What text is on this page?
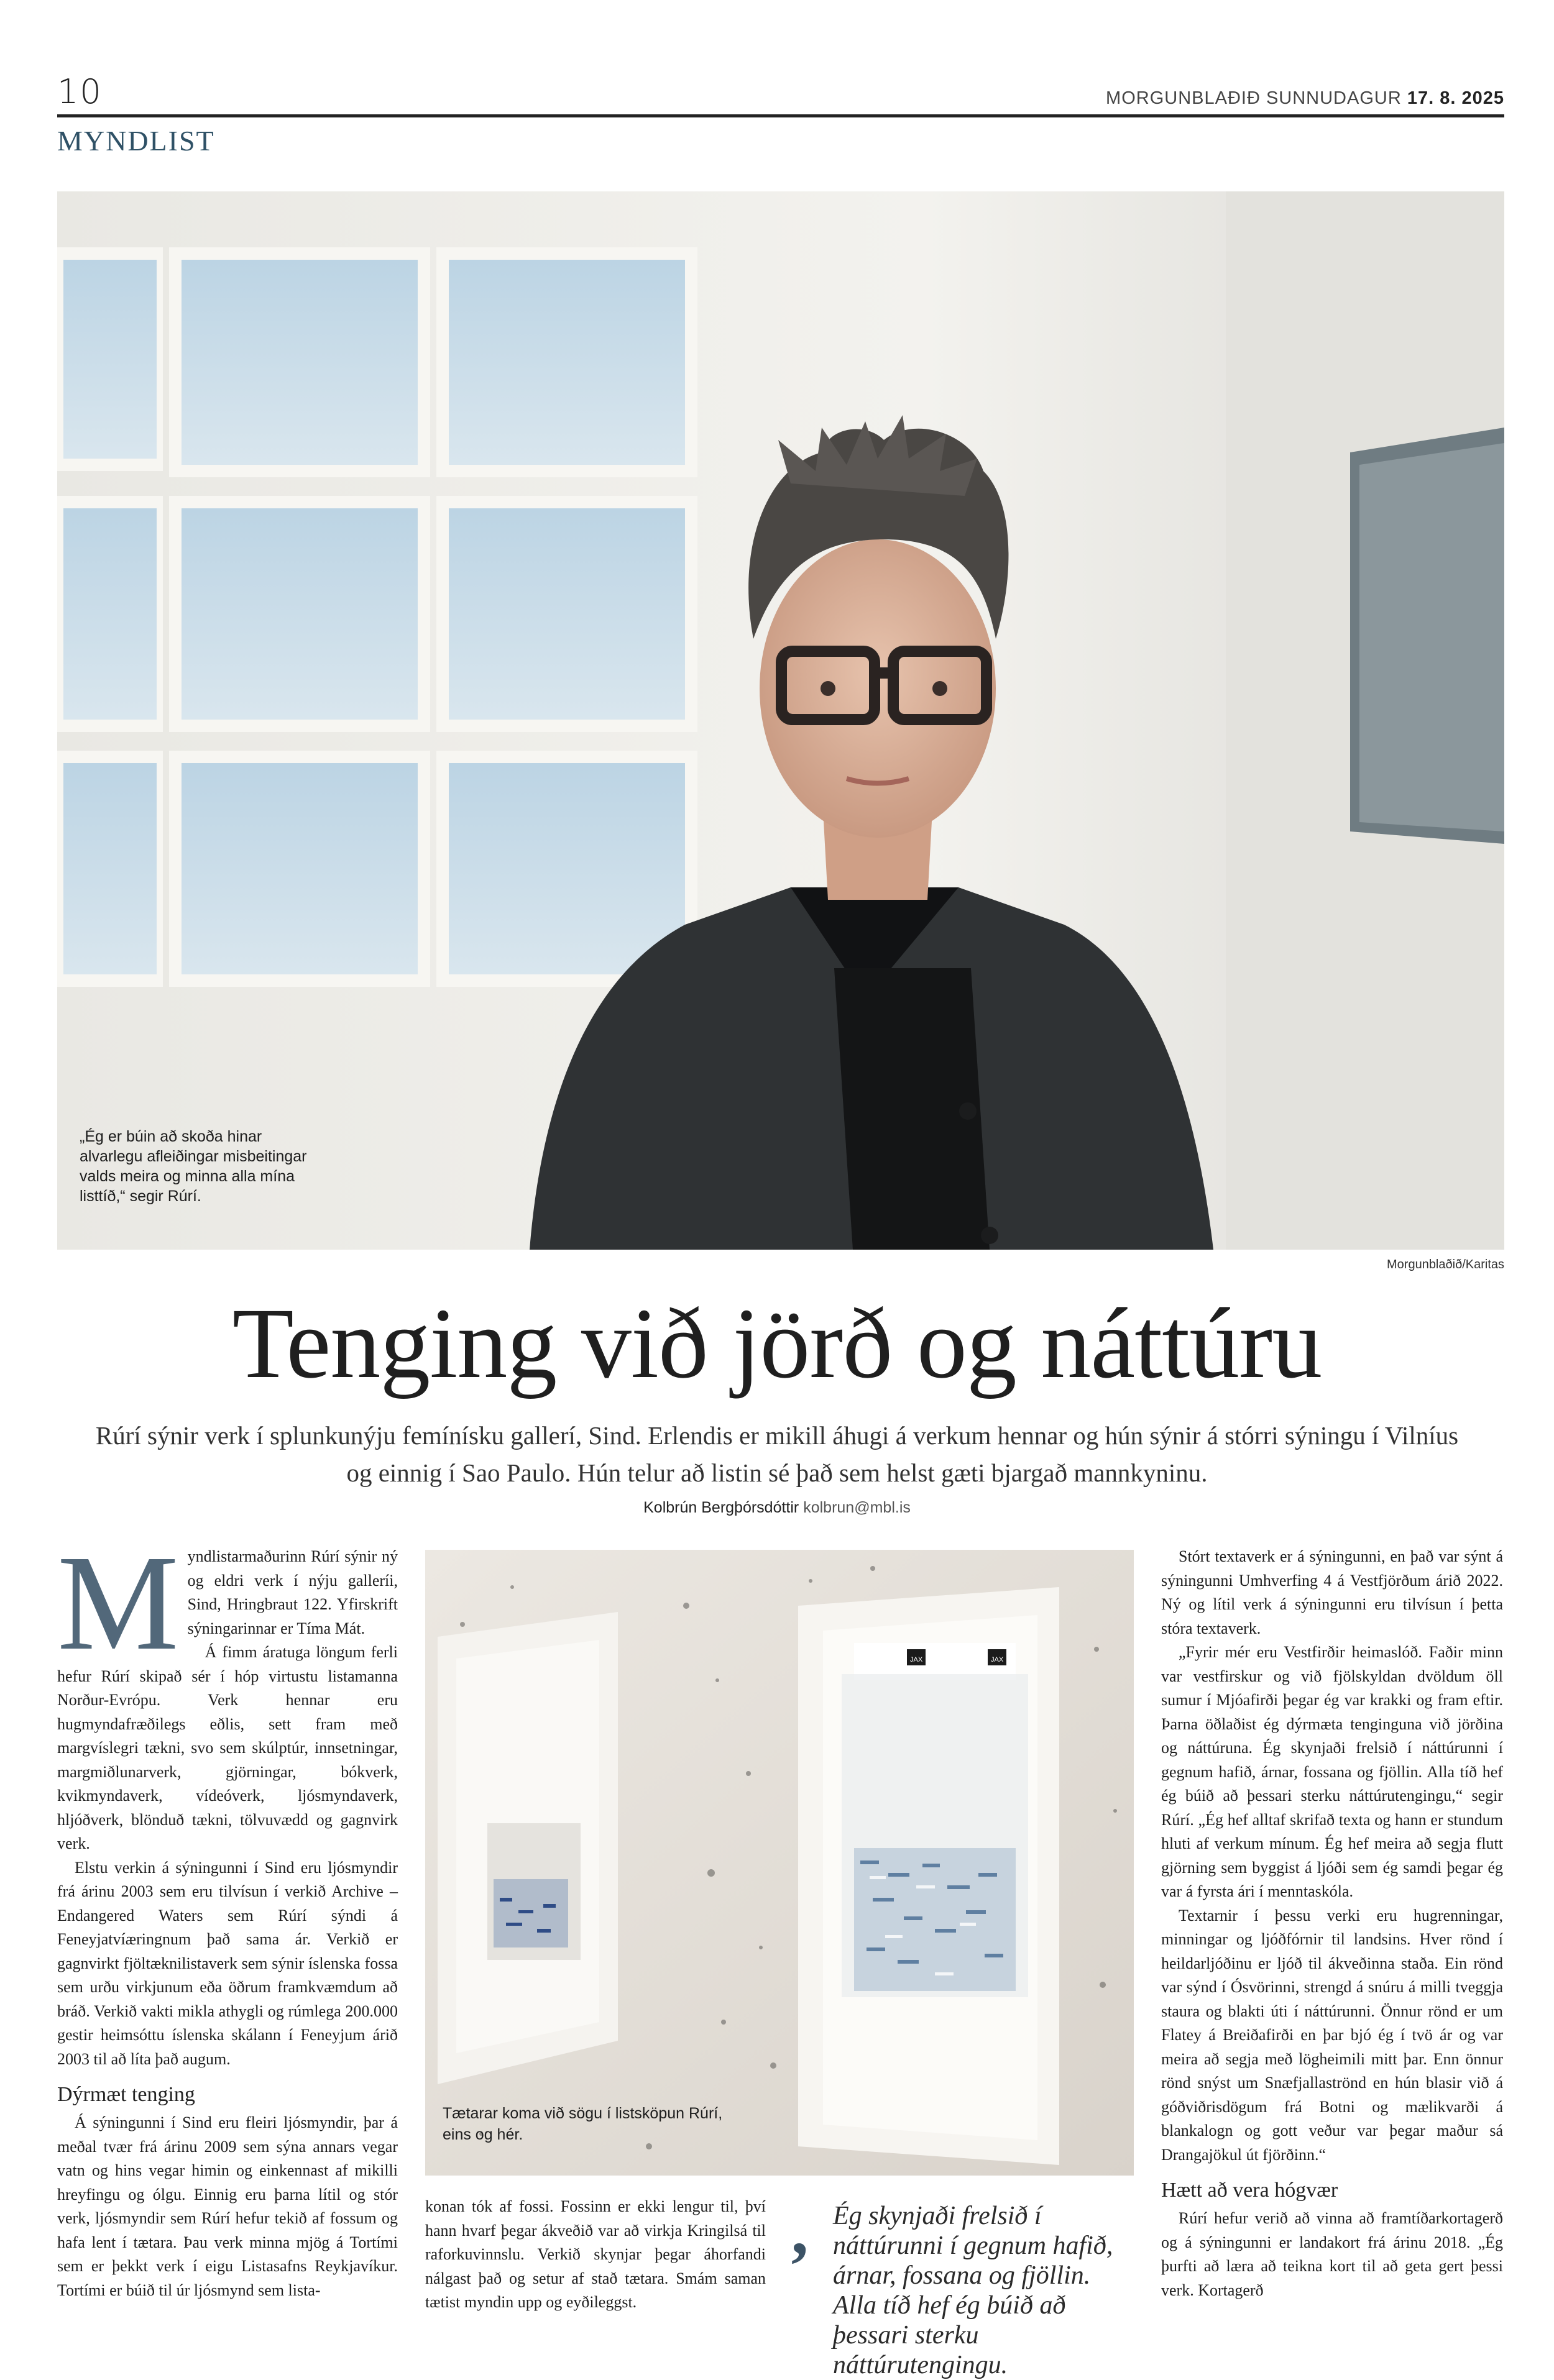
10	MORGUNBLAÐIÐ SUNNUDAGUR 17. 8. 2025
MYNDLIST
„Ég er búin að skoða hinar alvarlegu afleiðingar misbeitingar valds meira og minna alla mína listtíð,“ segir Rúrí.
Morgunblaðið/Karitas
Tenging við jörð og náttúru
Rúrí sýnir verk í splunkunýju femínísku gallerí, Sind. Erlendis er mikill áhugi á verkum hennar og hún sýnir á stórri sýningu í Vilníus og einnig í Sao Paulo. Hún telur að listin sé það sem helst gæti bjargað mannkyninu.
Kolbrún Bergþórsdóttir kolbrun@mbl.is

Myndlistarmaðurinn Rúrí sýnir ný og eldri verk í nýju galleríi, Sind, Hringbraut 122. Yfirskrift sýningarinnar er Tíma Mát.

Á fimm áratuga löngum ferli hefur Rúrí skipað sér í hóp virtustu listamanna Norður-Evrópu. Verk hennar eru hugmyndafræðilegs eðlis, sett fram með margvíslegri tækni, svo sem skúlptúr, innsetningar, margmiðlunarverk, gjörningar, bókverk, kvikmyndaverk, vídeóverk, ljósmyndaverk, hljóðverk, blönduð tækni, tölvuvædd og gagnvirk verk.

Elstu verkin á sýningunni í Sind eru ljósmyndir frá árinu 2003 sem eru tilvísun í verkið Archive – Endangered Waters sem Rúrí sýndi á Feneyjatvíæringnum það sama ár. Verkið er gagnvirkt fjöltæknilistaverk sem sýnir íslenska fossa sem urðu virkjunum eða öðrum framkvæmdum að bráð. Verkið vakti mikla athygli og rúmlega 200.000 gestir heimsóttu íslenska skálann í Feneyjum árið 2003 til að líta það augum.

Dýrmæt tenging

Á sýningunni í Sind eru fleiri ljósmyndir, þar á meðal tvær frá árinu 2009 sem sýna annars vegar vatn og hins vegar himin og einkennast af mikilli hreyfingu og ólgu. Einnig eru þarna lítil og stór verk, ljósmyndir sem Rúrí hefur tekið af fossum og hafa lent í tætara. Þau verk minna mjög á Tortími sem er þekkt verk í eigu Listasafns Reykjavíkur. Tortími er búið til úr ljósmynd sem lista-

JAX	JAX
Tætarar koma við sögu í listsköpun Rúrí, eins og hér.

konan tók af fossi. Fossinn er ekki lengur til, því hann hvarf þegar ákveðið var að virkja Kringilsá til raforkuvinnslu. Verkið skynjar þegar áhorfandi nálgast það og setur af stað tætara. Smám saman tætist myndin upp og eyðileggst.

‚ Ég skynjaði frelsið í náttúrunni í gegnum hafið, árnar, fossana og fjöllin. Alla tíð hef ég búið að þessari sterku náttúrutengingu.

Stórt textaverk er á sýningunni, en það var sýnt á sýningunni Umhverfing 4 á Vestfjörðum árið 2022. Ný og lítil verk á sýningunni eru tilvísun í þetta stóra textaverk.

„Fyrir mér eru Vestfirðir heimaslóð. Faðir minn var vestfirskur og við fjölskyldan dvöldum öll sumur í Mjóafirði þegar ég var krakki og fram eftir. Þarna öðlaðist ég dýrmæta tenginguna við jörðina og náttúruna. Ég skynjaði frelsið í náttúrunni í gegnum hafið, árnar, fossana og fjöllin. Alla tíð hef ég búið að þessari sterku náttúrutengingu,“ segir Rúrí. „Ég hef alltaf skrifað texta og hann er stundum hluti af verkum mínum. Ég hef meira að segja flutt gjörning sem byggist á ljóði sem ég samdi þegar ég var á fyrsta ári í menntaskóla.

Textarnir í þessu verki eru hugrenningar, minningar og ljóðfórnir til landsins. Hver rönd í heildarljóðinu er ljóð til ákveðinna staða. Ein rönd var sýnd í Ósvörinni, strengd á snúru á milli tveggja staura og blakti úti í náttúrunni. Önnur rönd er um Flatey á Breiðafirði en þar bjó ég í tvö ár og var meira að segja með lögheimili mitt þar. Enn önnur rönd snýst um Snæfjallaströnd en hún blasir við á góðviðrisdögum frá Botni og mælikvarði á blankalogn og gott veður var þegar maður sá Drangajökul út fjörðinn.“

Hætt að vera hógvær

Rúrí hefur verið að vinna að framtíðarkortagerð og á sýningunni er landakort frá árinu 2018. „Ég þurfti að læra að teikna kort til að geta gert þessi verk. Kortagerð
